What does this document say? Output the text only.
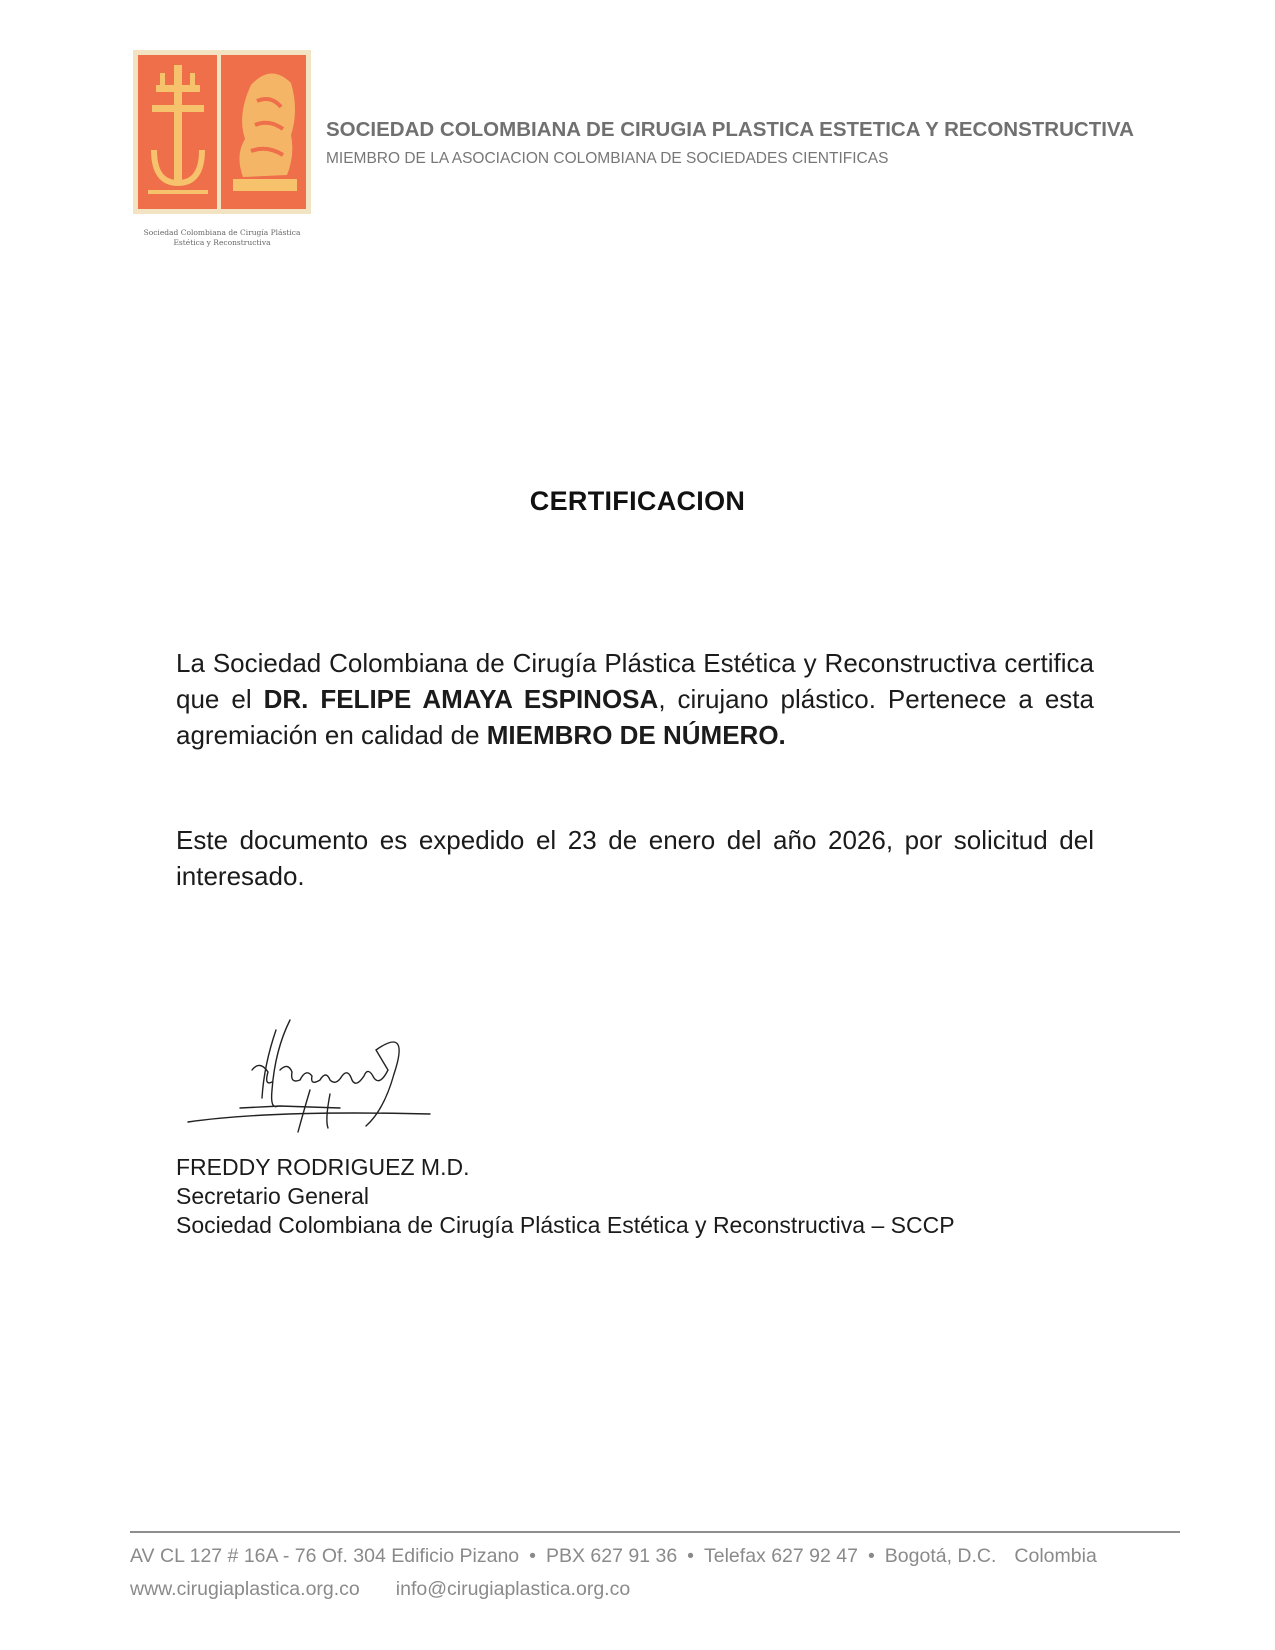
Sociedad Colombiana de Cirugía Plástica
Estética y Reconstructiva
SOCIEDAD COLOMBIANA DE CIRUGIA PLASTICA ESTETICA Y RECONSTRUCTIVA
MIEMBRO DE LA ASOCIACION COLOMBIANA DE SOCIEDADES CIENTIFICAS
CERTIFICACION
La Sociedad Colombiana de Cirugía Plástica Estética y Reconstructiva certifica que el DR. FELIPE AMAYA ESPINOSA, cirujano plástico. Pertenece a esta agremiación en calidad de MIEMBRO DE NÚMERO.
Este documento es expedido el 23 de enero del año 2026, por solicitud del interesado.
FREDDY RODRIGUEZ M.D.
Secretario General
Sociedad Colombiana de Cirugía Plástica Estética y Reconstructiva – SCCP
AV CL 127 # 16A - 76 Of. 304 Edificio Pizano • PBX 627 91 36 • Telefax 627 92 47 • Bogotá, D.C. Colombia
www.cirugiaplastica.org.co info@cirugiaplastica.org.co
